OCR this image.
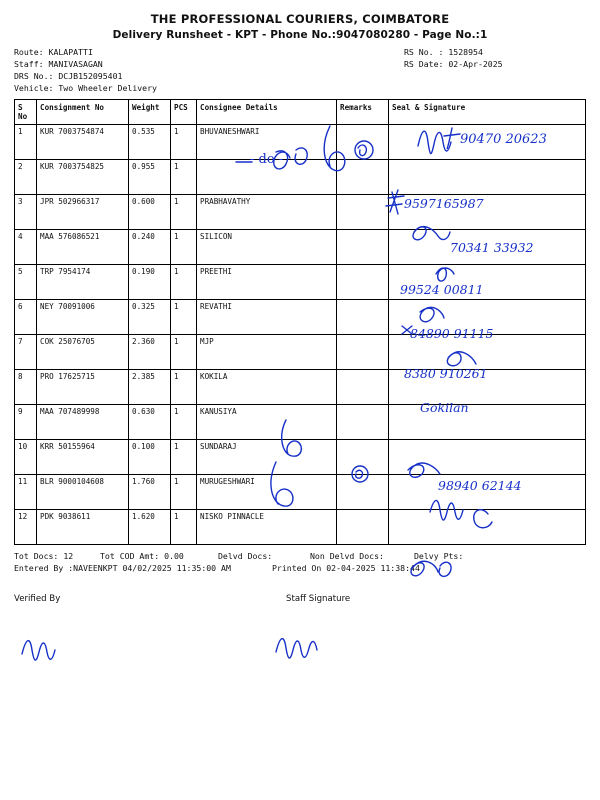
THE PROFESSIONAL COURIERS, COIMBATORE
Delivery Runsheet - KPT - Phone No.:9047080280 - Page No.:1
Route: KALAPATTI
Staff: MANIVASAGAN
DRS No.: DCJB152095401
Vehicle: Two Wheeler Delivery
RS No. : 1528954
RS Date: 02-Apr-2025
S No	Consignment No	Weight	PCS	Consignee Details	Remarks	Seal & Signature
1	KUR 7003754874	0.535	1	BHUVANESHWARI		
2	KUR 7003754825	0.955	1			
3	JPR 502966317	0.600	1	PRABHAVATHY		
4	MAA 576086521	0.240	1	SILICON		
5	TRP 7954174	0.190	1	PREETHI		
6	NEY 70091006	0.325	1	REVATHI		
7	COK 25076705	2.360	1	MJP		
8	PRO 17625715	2.385	1	KOKILA		
9	MAA 707489998	0.630	1	KANUSIYA		
10	KRR 50155964	0.100	1	SUNDARAJ		
11	BLR 9000104608	1.760	1	MURUGESHWARI		
12	PDK 9038611	1.620	1	NISKO PINNACLE		
Tot Docs: 12	Tot COD Amt: 0.00	Delvd Docs:	Non Delvd Docs:	Delvy Pts:
Entered By :NAVEENKPT 04/02/2025 11:35:00 AM	Printed On 02-04-2025 11:38:44
Verified By	Staff Signature
90470 20623
- do -
9597165987
70341 33932
99524 00811
84890 91115
8380 910261
Gokilan
98940 62144
